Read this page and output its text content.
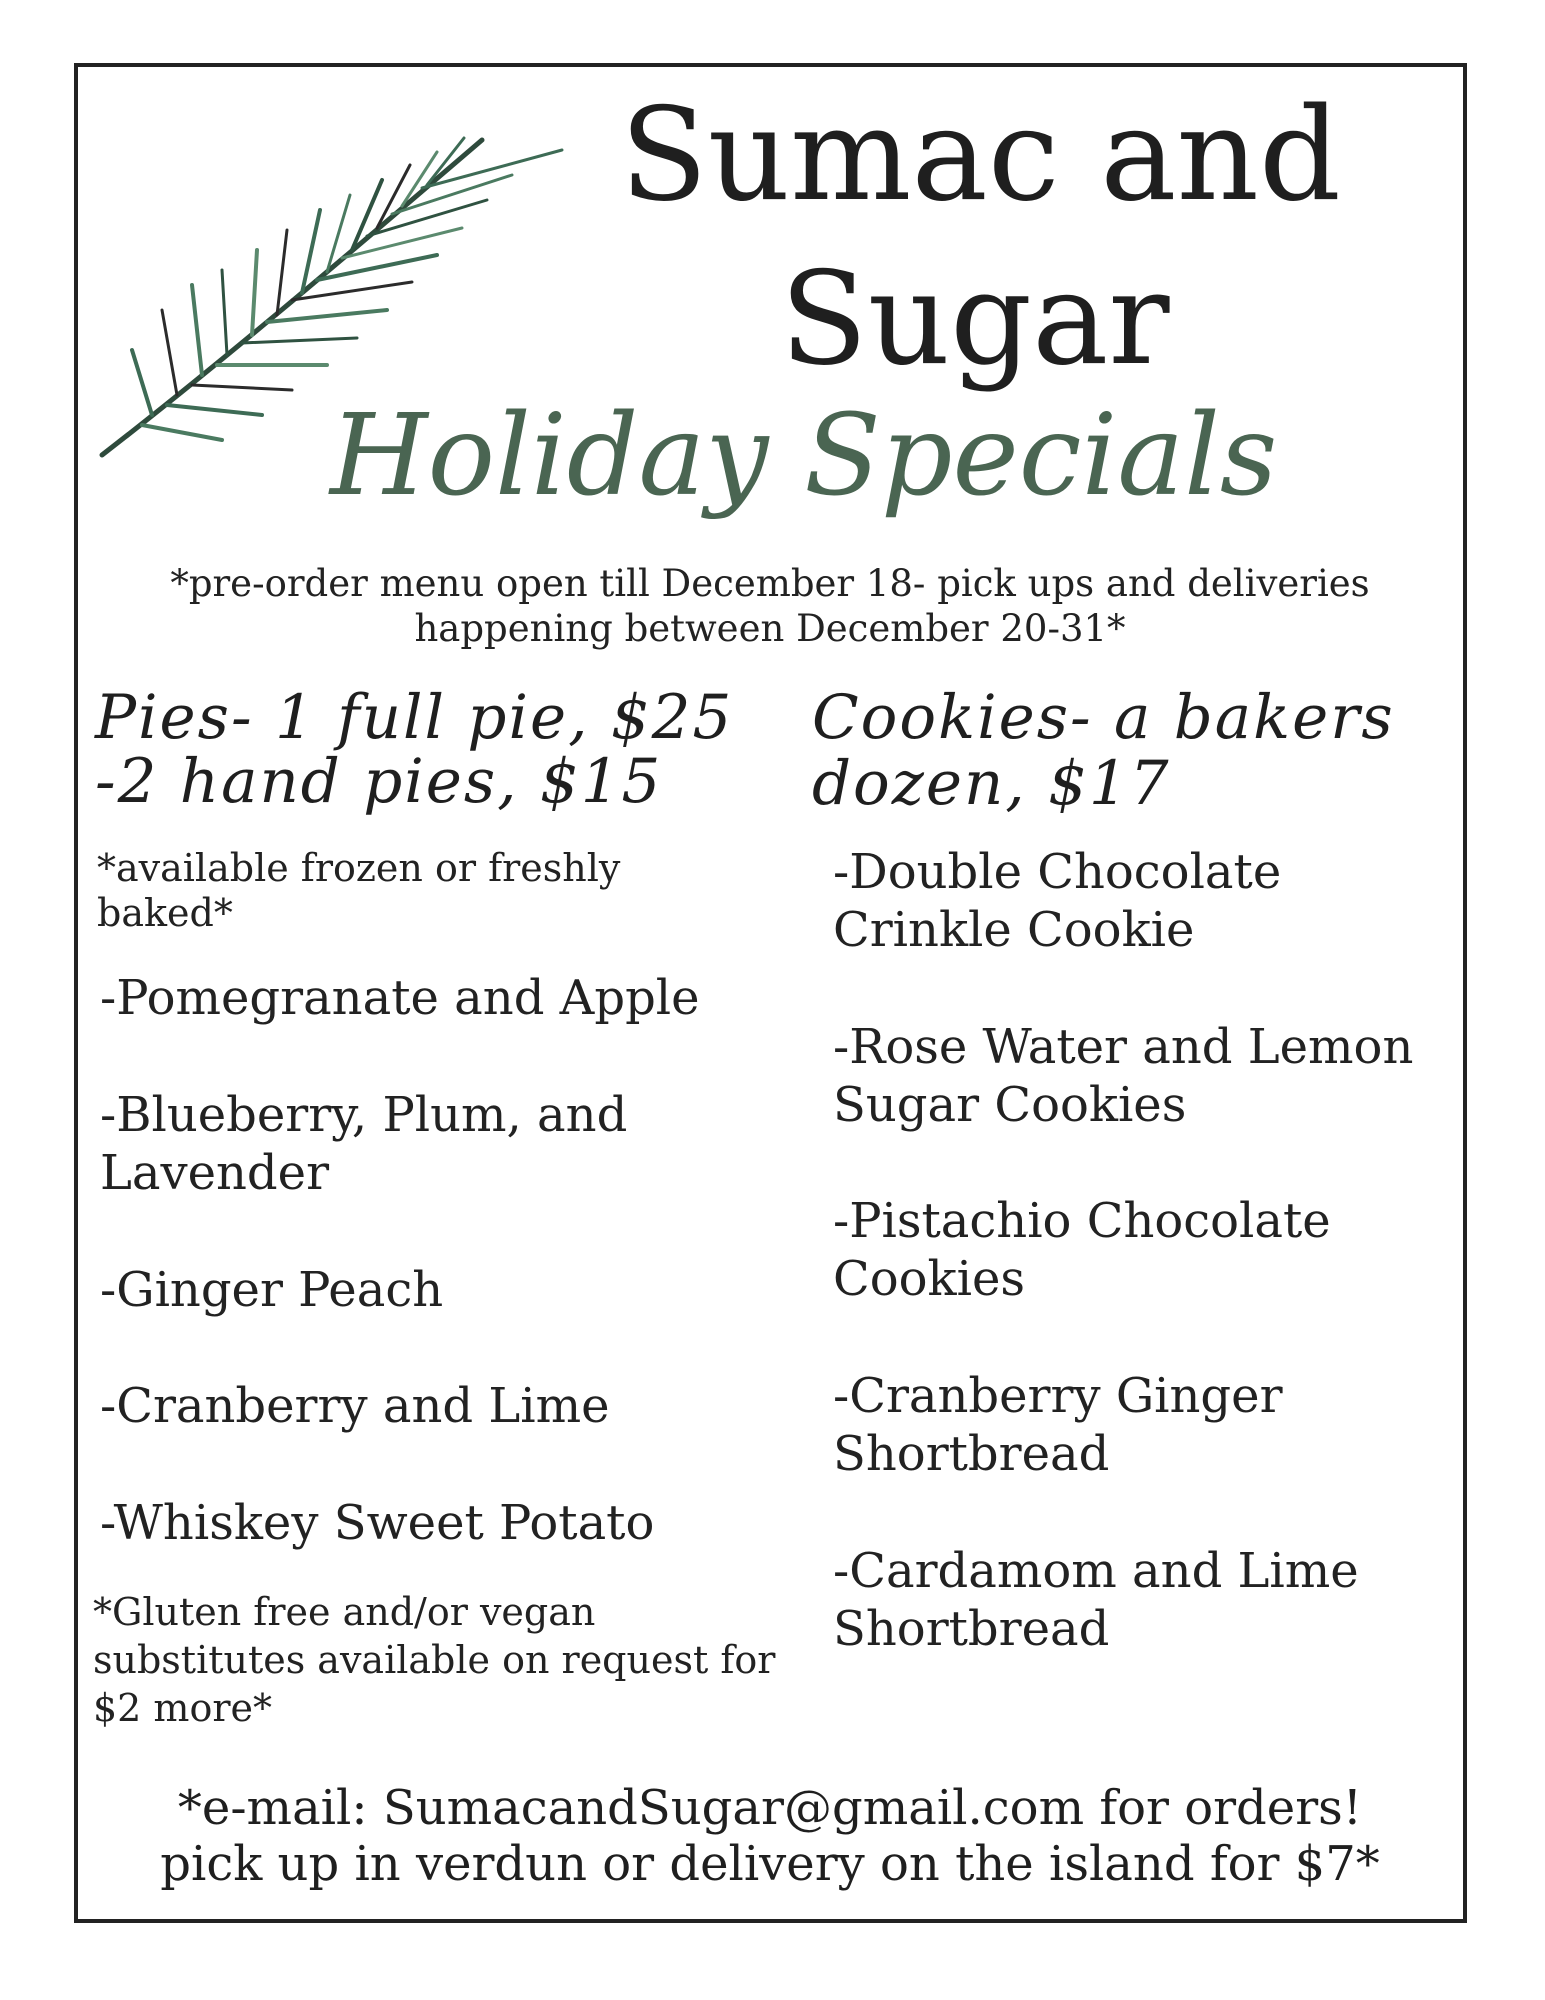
Sumac and
Sugar
Holiday Specials

*pre-order menu open till December 18- pick ups and deliveries

happening between December 20-31*

Pies- 1 full pie, $25
-2 hand pies, $15

*available frozen or freshly

baked*

-Pomegranate and Apple

-Blueberry, Plum, and

Lavender

-Ginger Peach

-Cranberry and Lime

-Whiskey Sweet Potato

*Gluten free and/or vegan

substitutes available on request for

$2 more*

Cookies- a bakers
dozen, $17

-Double Chocolate

Crinkle Cookie

-Rose Water and Lemon

Sugar Cookies

-Pistachio Chocolate

Cookies

-Cranberry Ginger

Shortbread

-Cardamom and Lime

Shortbread

*e-mail: SumacandSugar@gmail.com for orders!

pick up in verdun or delivery on the island for $7*
